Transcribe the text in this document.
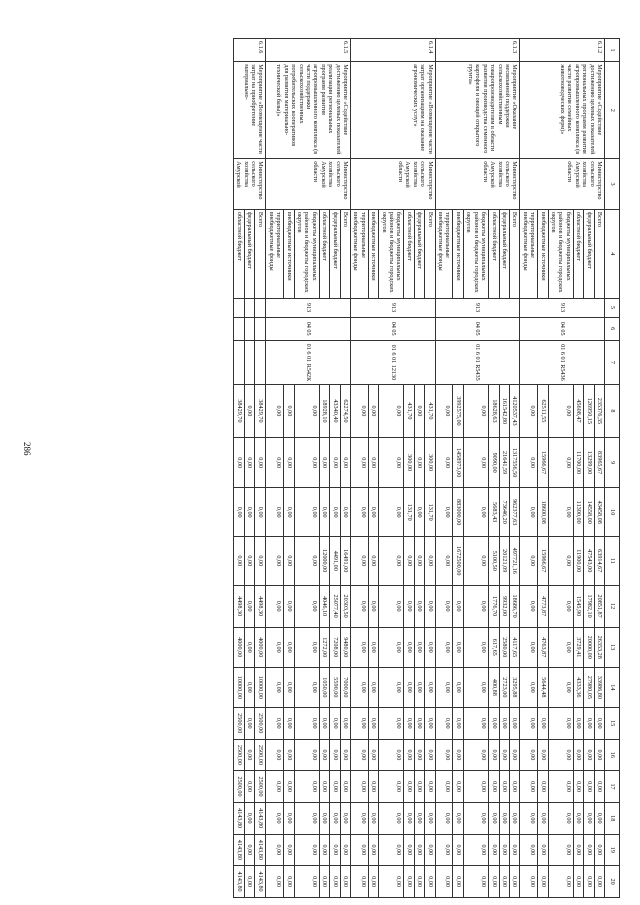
286
1	2	3	4	5	6	7	8	9	10	11	12	13	14	15	16	17	18	19	20
6.1.2	Мероприятие «Содействие достижению целевых показателей региональных программ развития агропромышленного комплекса (в части развития семейных животноводческих ферм)»	Министерство сельского хозяйства Амурской области	Всего	913	04 05	01 6 01 R5436	235376,35	83965,67	43458,08	63914,67	20851,87	26353,28	33986,80	0,00	0,00	0,00	0,00	0,00	0,00
			федеральный бюджет				126950,15	13299,00	14558,00	47543,00	17982,10	20000,00	27980,05	0,00	0,00	0,00	0,00	0,00	0,00
			областной бюджет				45608,47	11700,00	11300,00	11900,00	1545,90	3729,41	4333,36	0,00	0,00	0,00	0,00	0,00	0,00
			бюджеты муниципальных районов и бюджеты городских округов				0,00	0,00	0,00	0,00	0,00	0,00	0,00	0,00	0,00	0,00	0,00	0,00	0,00
			внебюджетные источники				62511,55	15966,67	18600,08	15966,67	4773,87	4763,87	5644,48	0,00	0,00	0,00	0,00	0,00	0,00
			территориальные внебюджетные фонды				0,00	0,00	0,00	0,00	0,00	0,00	0,00	0,00	0,00	0,00	0,00	0,00	0,00
6.1.3	Мероприятие «Оказание несвязанной поддержки сельскохозяйственным товаропроизводителям в области развития производства семенного картофеля и овощей открытого грунта»	Министерство сельского хозяйства Амурской области	Всего	913	04 05	01 6 01 R5435	4120537,43	1317556,50	962377,63	497721,16	18686,70	4117,65	3295,88	0,00	0,00	0,00	0,00	0,00	0,00
			федеральный бюджет				161542,80	21641,59	73646,20	20121,09	9932,00	2580,00	2723,00	0,00	0,00	0,00	0,00	0,00	0,00
			областной бюджет				18628,63	9090,00	5683,43	5100,50	1776,70	617,65	400,88	0,00	0,00	0,00	0,00	0,00	0,00
			бюджеты муниципальных районов и бюджеты городских округов				0,00	0,00	0,00	0,00	0,00	0,00	0,00	0,00	0,00	0,00	0,00	0,00	0,00
			внебюджетные источники				3992575,00	1458973,00	883000,00	1672500,00	0,00	0,00	0,00	0,00	0,00	0,00	0,00	0,00	0,00
			территориальные внебюджетные фонды				0,00	0,00	0,00	0,00	0,00	0,00	0,00	0,00	0,00	0,00	0,00	0,00	0,00
6.1.4	Мероприятие «Возмещение части затрат организациям на оказание агрономических услуг»	Министерство сельского хозяйства Амурской области	Всего	913	04 05	01 6 01 12130	431,70	300,00	131,70	0,00	0,00	0,00	0,00	0,00	0,00	0,00	0,00	0,00	0,00
			федеральный бюджет				0,00	0,00	0,00	0,00	0,00	0,00	0,00	0,00	0,00	0,00	0,00	0,00	0,00
			областной бюджет				431,70	300,00	131,70	0,00	0,00	0,00	0,00	0,00	0,00	0,00	0,00	0,00	0,00
			бюджеты муниципальных районов и бюджеты городских округов				0,00	0,00	0,00	0,00	0,00	0,00	0,00	0,00	0,00	0,00	0,00	0,00	0,00
			внебюджетные источники				0,00	0,00	0,00	0,00	0,00	0,00	0,00	0,00	0,00	0,00	0,00	0,00	0,00
			территориальные внебюджетные фонды				0,00	0,00	0,00	0,00	0,00	0,00	0,00	0,00	0,00	0,00	0,00	0,00	0,00
6.1.5	Мероприятие «Содействие достижению целевых показателей реализации региональных программ развития агропромышленного комплекса (в части поддержки сельскохозяйственных потребительских кооперативов для развития материально-технической базы)»	Министерство сельского хозяйства Амурской области	Всего	913	04 05	01 6 01 R542К	62274,50	0,00	0,00	16491,00	20303,50	9480,00	7000,00	0,00	0,00	0,00	0,00	0,00	0,00
			федеральный бюджет				43340,40	0,00	0,00	4491,00	25077,40	7208,00	5590,00	0,00	0,00	0,00	0,00	0,00	0,00
			областной бюджет				18928,10	0,00	0,00	12000,00	4046,10	1272,00	1050,00	0,00	0,00	0,00	0,00	0,00	0,00
			бюджеты муниципальных районов и бюджеты городских округов				0,00	0,00	0,00	0,00	0,00	0,00	0,00	0,00	0,00	0,00	0,00	0,00	0,00
			внебюджетные источники				0,00	0,00	0,00	0,00	0,00	0,00	0,00	0,00	0,00	0,00	0,00	0,00	0,00
			территориальные внебюджетные фонды				0,00	0,00	0,00	0,00	0,00	0,00	0,00	0,00	0,00	0,00	0,00	0,00	0,00
6.1.6	Мероприятие «Возмещение части затрат на приобретение материально-	Министерство сельского хозяйства Амурской	Всего				38429,70	0,00	0,00	0,00	4498,30	4000,00	10000,00	2500,00	2500,00	2500,00	4143,80	4143,80	4143,80
			федеральный бюджет				0,00	0,00	0,00	0,00	0,00	0,00	0,00	0,00	0,00	0,00	0,00	0,00	0,00
			областной бюджет				38429,70	0,00	0,00	0,00	4498,30	4000,00	10000,00	2500,00	2500,00	2500,00	4143,80	4143,80	4143,80
